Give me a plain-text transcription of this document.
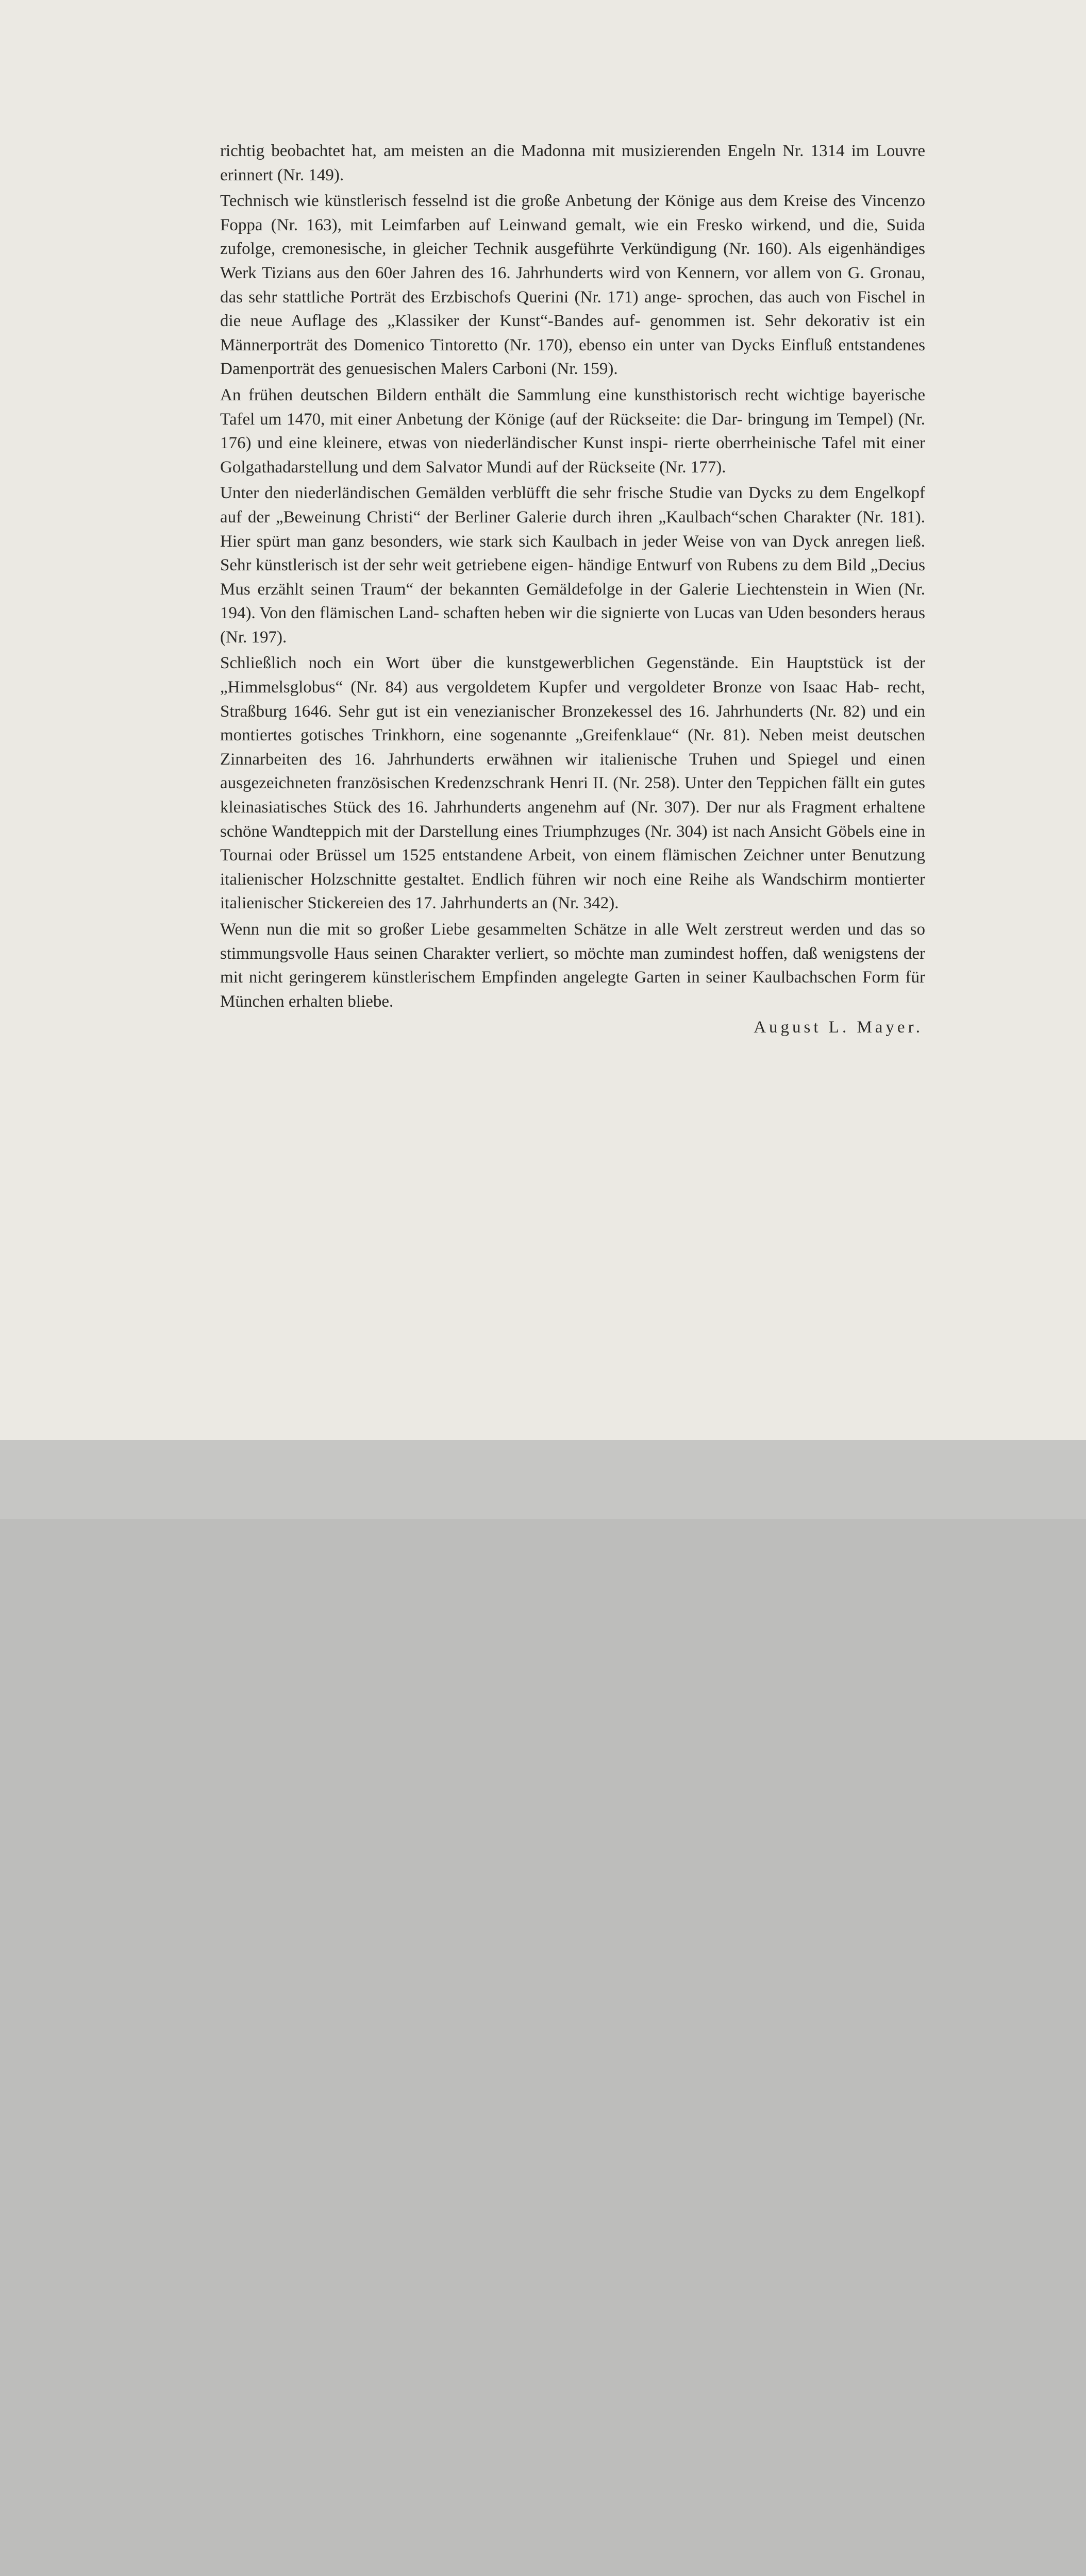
richtig beobachtet hat, am meisten an die Madonna mit musizierenden Engeln Nr. 1314 im Louvre erinnert (Nr. 149).

Technisch wie künstlerisch fesselnd ist die große Anbetung der Könige aus dem Kreise des Vincenzo Foppa (Nr. 163), mit Leimfarben auf Leinwand gemalt, wie ein Fresko wirkend, und die, Suida zufolge, cremonesische, in gleicher Technik ausgeführte Verkündigung (Nr. 160). Als eigenhändiges Werk Tizians aus den 60er Jahren des 16. Jahrhunderts wird von Kennern, vor allem von G. Gronau, das sehr stattliche Porträt des Erzbischofs Querini (Nr. 171) ange- sprochen, das auch von Fischel in die neue Auflage des „Klassiker der Kunst“-Bandes auf- genommen ist. Sehr dekorativ ist ein Männerporträt des Domenico Tintoretto (Nr. 170), ebenso ein unter van Dycks Einfluß entstandenes Damenporträt des genuesischen Malers Carboni (Nr. 159).

An frühen deutschen Bildern enthält die Sammlung eine kunsthistorisch recht wichtige bayerische Tafel um 1470, mit einer Anbetung der Könige (auf der Rückseite: die Dar- bringung im Tempel) (Nr. 176) und eine kleinere, etwas von niederländischer Kunst inspi- rierte oberrheinische Tafel mit einer Golgathadarstellung und dem Salvator Mundi auf der Rückseite (Nr. 177).

Unter den niederländischen Gemälden verblüfft die sehr frische Studie van Dycks zu dem Engelkopf auf der „Beweinung Christi“ der Berliner Galerie durch ihren „Kaulbach“schen Charakter (Nr. 181). Hier spürt man ganz besonders, wie stark sich Kaulbach in jeder Weise von van Dyck anregen ließ. Sehr künstlerisch ist der sehr weit getriebene eigen- händige Entwurf von Rubens zu dem Bild „Decius Mus erzählt seinen Traum“ der bekannten Gemäldefolge in der Galerie Liechtenstein in Wien (Nr. 194). Von den flämischen Land- schaften heben wir die signierte von Lucas van Uden besonders heraus (Nr. 197).

Schließlich noch ein Wort über die kunstgewerblichen Gegenstände. Ein Hauptstück ist der „Himmelsglobus“ (Nr. 84) aus vergoldetem Kupfer und vergoldeter Bronze von Isaac Hab- recht, Straßburg 1646. Sehr gut ist ein venezianischer Bronzekessel des 16. Jahrhunderts (Nr. 82) und ein montiertes gotisches Trinkhorn, eine sogenannte „Greifenklaue“ (Nr. 81). Neben meist deutschen Zinnarbeiten des 16. Jahrhunderts erwähnen wir italienische Truhen und Spiegel und einen ausgezeichneten französischen Kredenzschrank Henri II. (Nr. 258). Unter den Teppichen fällt ein gutes kleinasiatisches Stück des 16. Jahrhunderts angenehm auf (Nr. 307). Der nur als Fragment erhaltene schöne Wandteppich mit der Darstellung eines Triumphzuges (Nr. 304) ist nach Ansicht Göbels eine in Tournai oder Brüssel um 1525 entstandene Arbeit, von einem flämischen Zeichner unter Benutzung italienischer Holzschnitte gestaltet. Endlich führen wir noch eine Reihe als Wandschirm montierter italienischer Stickereien des 17. Jahrhunderts an (Nr. 342).

Wenn nun die mit so großer Liebe gesammelten Schätze in alle Welt zerstreut werden und das so stimmungsvolle Haus seinen Charakter verliert, so möchte man zumindest hoffen, daß wenigstens der mit nicht geringerem künstlerischem Empfinden angelegte Garten in seiner Kaulbachschen Form für München erhalten bliebe.

August L. Mayer.
